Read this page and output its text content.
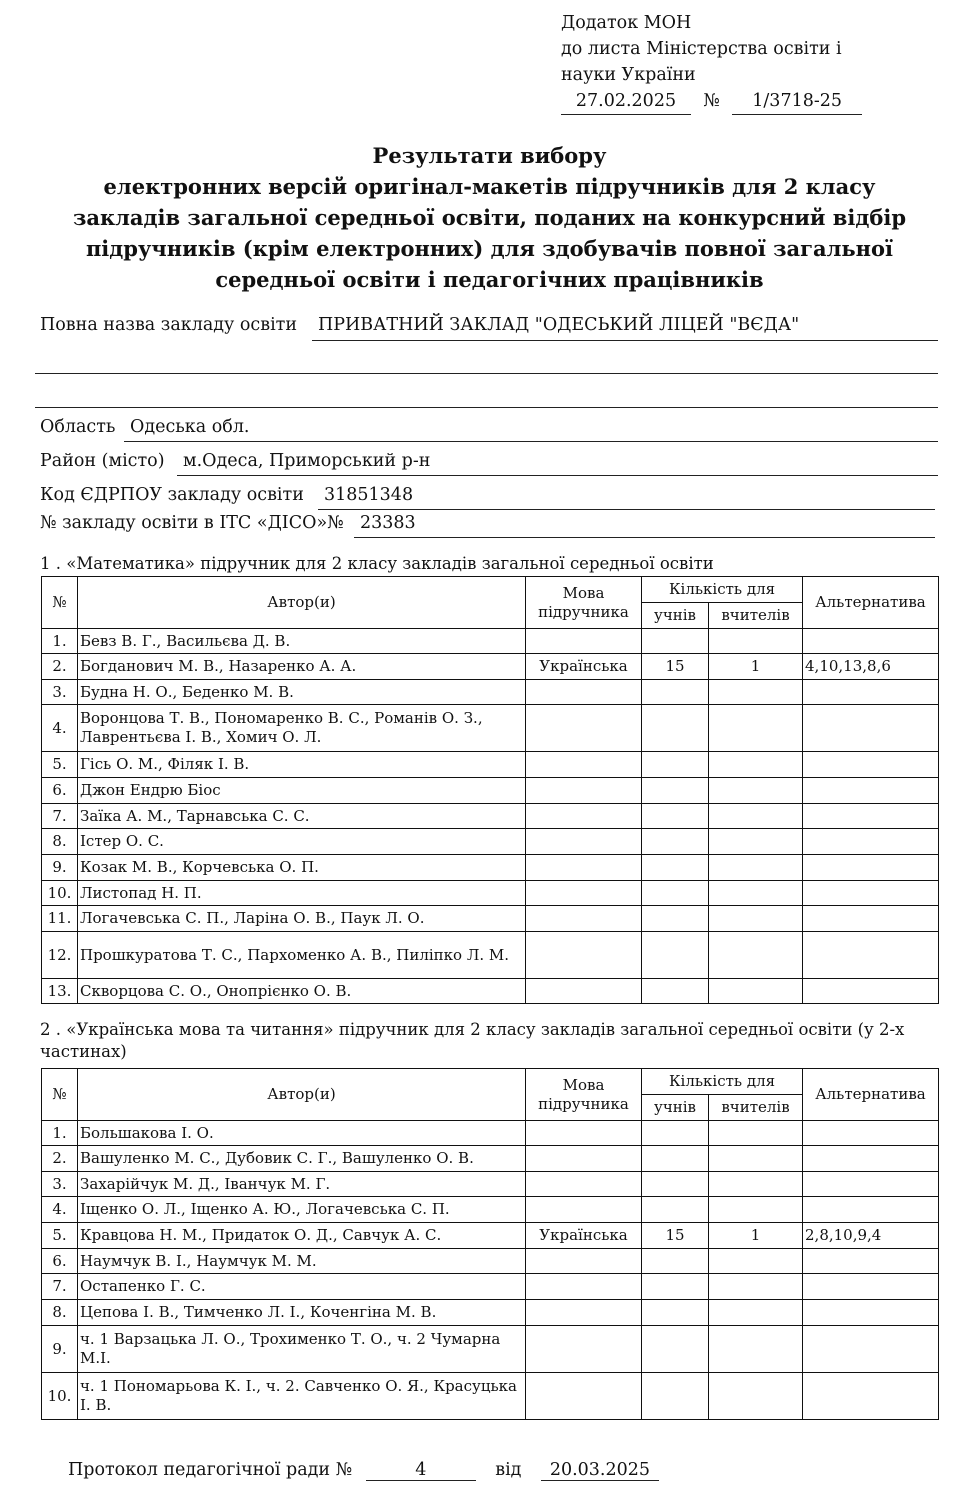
Додаток МОН
до листа Міністерства освіти і
науки України
27.02.2025 № 1/3718-25
Результати вибору
електронних версій оригінал-макетів підручників для 2 класу
закладів загальної середньої освіти, поданих на конкурсний відбір
підручників (крім електронних) для здобувачів повної загальної
середньої освіти і педагогічних працівників
Повна назва закладу освіти	ПРИВАТНИЙ ЗАКЛАД "ОДЕСЬКИЙ ЛІЦЕЙ "ВЄДА"
Область Одеська обл.
Район (місто)	м.Одеса, Приморський р-н
Код ЄДРПОУ закладу освіти	31851348
№ закладу освіти в ІТС «ДІСО»№ 23383
1 . «Математика» підручник для 2 класу закладів загальної середньої освіти
№	Автор(и)	Мова
підручника	Кількість для		Альтернатива
			учнів	вчителів	
1.	Бевз В. Г., Васильєва Д. В.				
2.	Богданович М. В., Назаренко А. А.	Українська	15	1	4,10,13,8,6
3.	Будна Н. О., Беденко М. В.				
4.	Воронцова Т. В., Пономаренко В. С., Романів О. З., Лаврентьєва І. В., Хомич О. Л.				
5.	Гісь О. М., Філяк І. В.				
6.	Джон Ендрю Біос				
7.	Заїка А. М., Тарнавська С. С.				
8.	Істер О. С.				
9.	Козак М. В., Корчевська О. П.				
10.	Листопад Н. П.				
11.	Логачевська С. П., Ларіна О. В., Паук Л. О.				
12.	Прошкуратова Т. С., Пархоменко А. В., Пиліпко Л. М.				
13.	Скворцова С. О., Онопрієнко О. В.				
2 . «Українська мова та читання» підручник для 2 класу закладів загальної середньої освіти (у 2-х частинах)
№	Автор(и)	Мова
підручника	Кількість для		Альтернатива
			учнів	вчителів	
1.	Большакова І. О.				
2.	Вашуленко М. С., Дубовик С. Г., Вашуленко О. В.				
3.	Захарійчук М. Д., Іванчук М. Г.				
4.	Іщенко О. Л., Іщенко А. Ю., Логачевська С. П.				
5.	Кравцова Н. М., Придаток О. Д., Савчук А. С.	Українська	15	1	2,8,10,9,4
6.	Наумчук В. І., Наумчук М. М.				
7.	Остапенко Г. С.				
8.	Цепова І. В., Тимченко Л. І., Коченгіна М. В.				
9.	ч. 1 Варзацька Л. О., Трохименко Т. О., ч. 2 Чумарна М.І.				
10.	ч. 1 Пономарьова К. І., ч. 2. Савченко О. Я., Красуцька І. В.				
Протокол педагогічної ради №	4	від 20.03.2025
